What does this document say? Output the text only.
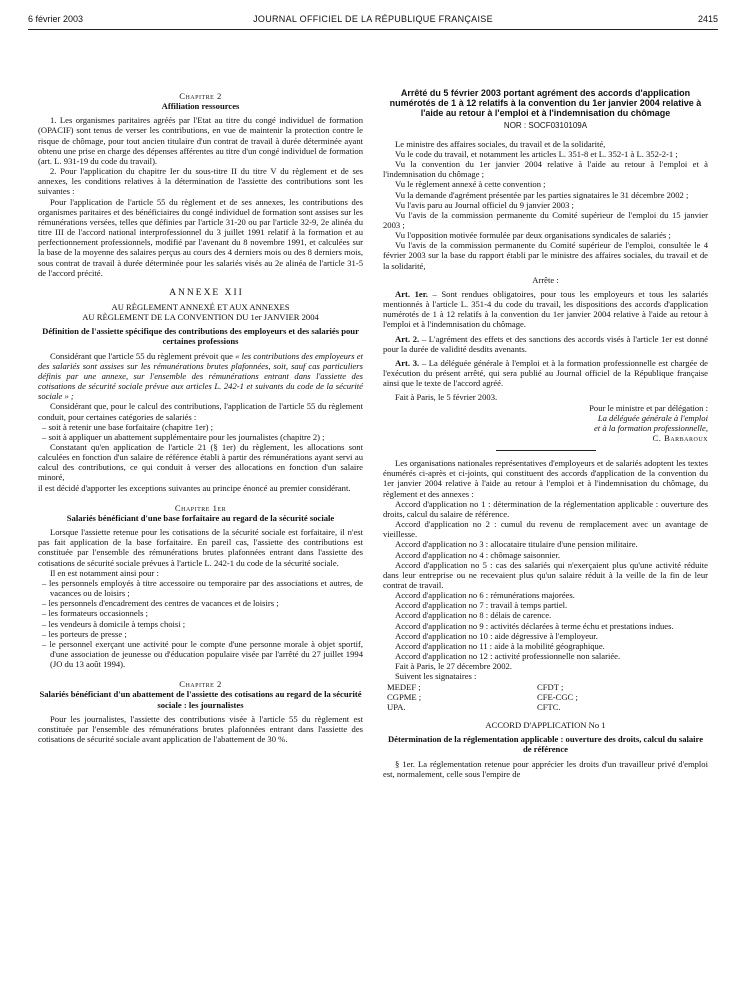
6 février 2003	JOURNAL OFFICIEL DE LA RÉPUBLIQUE FRANÇAISE	2415

Chapitre 2

Affiliation ressources

1. Les organismes paritaires agréés par l'Etat au titre du congé individuel de formation (OPACIF) sont tenus de verser les contributions, en vue de maintenir la protection contre le risque de chômage, pour tout ancien titulaire d'un contrat de travail à durée déterminée ayant obtenu une prise en charge des dépenses afférentes au titre d'un congé individuel de formation (art. L. 931-19 du code du travail).

2. Pour l'application du chapitre Ier du sous-titre II du titre V du règlement et de ses annexes, les conditions relatives à la détermination de l'assiette des contributions sont les suivantes :

Pour l'application de l'article 55 du règlement et de ses annexes, les contributions des organismes paritaires et des bénéficiaires du congé individuel de formation sont assises sur les rémunérations versées, telles que définies par l'article 31-20 ou par l'article 32-9, 2e alinéa du titre III de l'accord national interprofessionnel du 3 juillet 1991 relatif à la formation et au perfectionnement professionnels, modifié par l'avenant du 8 novembre 1991, et calculées sur la base de la moyenne des salaires perçus au cours des 4 derniers mois ou des 8 derniers mois, sous contrat de travail à durée déterminée pour les salariés visés au 2e alinéa de l'article 31-5 de l'accord précité.

ANNEXE XII

AU RÈGLEMENT ANNEXÉ ET AUX ANNEXES

AU RÈGLEMENT DE LA CONVENTION DU 1er JANVIER 2004

Définition de l'assiette spécifique des contributions des employeurs et des salariés pour certaines professions

Considérant que l'article 55 du règlement prévoit que « les contributions des employeurs et des salariés sont assises sur les rémunérations brutes plafonnées, soit, sauf cas particuliers définis par une annexe, sur l'ensemble des rémunérations entrant dans l'assiette des cotisations de sécurité sociale prévue aux articles L. 242-1 et suivants du code de la sécurité sociale » ;

Considérant que, pour le calcul des contributions, l'application de l'article 55 du règlement conduit, pour certaines catégories de salariés :

– soit à retenir une base forfaitaire (chapitre 1er) ;

– soit à appliquer un abattement supplémentaire pour les journalistes (chapitre 2) ;

Constatant qu'en application de l'article 21 (§ 1er) du règlement, les allocations sont calculées en fonction d'un salaire de référence établi à partir des rémunérations ayant servi au calcul des contributions, ce qui conduit à verser des allocations en fonction d'un salaire minoré,

il est décidé d'apporter les exceptions suivantes au principe énoncé au premier considérant.

Chapitre 1er

Salariés bénéficiant d'une base forfaitaire au regard de la sécurité sociale

Lorsque l'assiette retenue pour les cotisations de la sécurité sociale est forfaitaire, il n'est pas fait application de la base forfaitaire. En pareil cas, l'assiette des contributions est constituée par l'ensemble des rémunérations brutes plafonnées entrant dans l'assiette des cotisations de sécurité sociale prévues à l'article L. 242-1 du code de la sécurité sociale.

Il en est notamment ainsi pour :

– les personnels employés à titre accessoire ou temporaire par des associations et autres, de vacances ou de loisirs ;

– les personnels d'encadrement des centres de vacances et de loisirs ;

– les formateurs occasionnels ;

– les vendeurs à domicile à temps choisi ;

– les porteurs de presse ;

– le personnel exerçant une activité pour le compte d'une personne morale à objet sportif, d'une association de jeunesse ou d'éducation populaire visée par l'arrêté du 27 juillet 1994 (JO du 13 août 1994).

Chapitre 2

Salariés bénéficiant d'un abattement de l'assiette des cotisations au regard de la sécurité sociale : les journalistes

Pour les journalistes, l'assiette des contributions visée à l'article 55 du règlement est constituée par l'ensemble des rémunérations brutes plafonnées entrant dans l'assiette des cotisations de sécurité sociale avant application de l'abattement de 30 %.

Arrêté du 5 février 2003 portant agrément des accords d'application numérotés de 1 à 12 relatifs à la convention du 1er janvier 2004 relative à l'aide au retour à l'emploi et à l'indemnisation du chômage
NOR : SOCF0310109A

Le ministre des affaires sociales, du travail et de la solidarité,

Vu le code du travail, et notamment les articles L. 351-8 et L. 352-1 à L. 352-2-1 ;

Vu la convention du 1er janvier 2004 relative à l'aide au retour à l'emploi et à l'indemnisation du chômage ;

Vu le règlement annexé à cette convention ;

Vu la demande d'agrément présentée par les parties signataires le 31 décembre 2002 ;

Vu l'avis paru au Journal officiel du 9 janvier 2003 ;

Vu l'avis de la commission permanente du Comité supérieur de l'emploi du 15 janvier 2003 ;

Vu l'opposition motivée formulée par deux organisations syndicales de salariés ;

Vu l'avis de la commission permanente du Comité supérieur de l'emploi, consultée le 4 février 2003 sur la base du rapport établi par le ministre des affaires sociales, du travail et de la solidarité,

Arrête :

Art. 1er. – Sont rendues obligatoires, pour tous les employeurs et tous les salariés mentionnés à l'article L. 351-4 du code du travail, les dispositions des accords d'application numérotés de 1 à 12 relatifs à la convention du 1er janvier 2004 relative à l'aide au retour à l'emploi et à l'indemnisation du chômage.

Art. 2. – L'agrément des effets et des sanctions des accords visés à l'article 1er est donné pour la durée de validité desdits avenants.

Art. 3. – La déléguée générale à l'emploi et à la formation professionnelle est chargée de l'exécution du présent arrêté, qui sera publié au Journal officiel de la République française ainsi que le texte de l'accord agréé.

Fait à Paris, le 5 février 2003.

Pour le ministre et par délégation :

La déléguée générale à l'emploi

et à la formation professionnelle,

C. Barbaroux

Les organisations nationales représentatives d'employeurs et de salariés adoptent les textes énumérés ci-après et ci-joints, qui constituent des accords d'application de la convention du 1er janvier 2004 relative à l'aide au retour à l'emploi et à l'indemnisation du chômage, du règlement et des annexes :

Accord d'application no 1 : détermination de la réglementation applicable : ouverture des droits, calcul du salaire de référence.

Accord d'application no 2 : cumul du revenu de remplacement avec un avantage de vieillesse.

Accord d'application no 3 : allocataire titulaire d'une pension militaire.

Accord d'application no 4 : chômage saisonnier.

Accord d'application no 5 : cas des salariés qui n'exerçaient plus qu'une activité réduite dans leur entreprise ou ne recevaient plus qu'un salaire réduit à la veille de la fin de leur contrat de travail.

Accord d'application no 6 : rémunérations majorées.

Accord d'application no 7 : travail à temps partiel.

Accord d'application no 8 : délais de carence.

Accord d'application no 9 : activités déclarées à terme échu et prestations indues.

Accord d'application no 10 : aide dégressive à l'employeur.

Accord d'application no 11 : aide à la mobilité géographique.

Accord d'application no 12 : activité professionnelle non salariée.

Fait à Paris, le 27 décembre 2002.

Suivent les signataires :

MEDEF ;	CFDT ;
CGPME ;	CFE-CGC ;
UPA.	CFTC.

ACCORD D'APPLICATION No 1

Détermination de la réglementation applicable : ouverture des droits, calcul du salaire de référence

§ 1er. La réglementation retenue pour apprécier les droits d'un travailleur privé d'emploi est, normalement, celle sous l'empire de
